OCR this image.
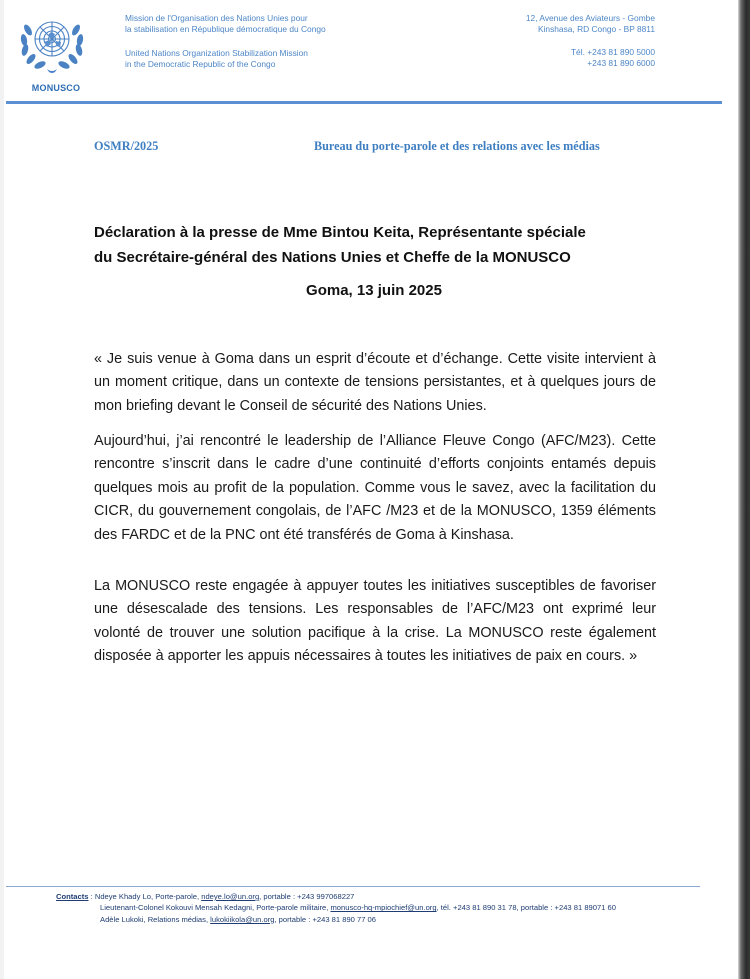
MONUSCO
Mission de l'Organisation des Nations Unies pour
la stabilisation en République démocratique du Congo
United Nations Organization Stabilization Mission
in the Democratic Republic of the Congo
12, Avenue des Aviateurs - Gombe
Kinshasa, RD Congo - BP 8811
Tél. +243 81 890 5000
+243 81 890 6000
OSMR/2025	Bureau du porte-parole et des relations avec les médias
Déclaration à la presse de Mme Bintou Keita, Représentante spéciale
du Secrétaire-général des Nations Unies et Cheffe de la MONUSCO
Goma, 13 juin 2025

« Je suis venue à Goma dans un esprit d’écoute et d’échange. Cette visite intervient à un moment critique, dans un contexte de tensions persistantes, et à quelques jours de mon briefing devant le Conseil de sécurité des Nations Unies.

Aujourd’hui, j’ai rencontré le leadership de l’Alliance Fleuve Congo (AFC/M23). Cette rencontre s’inscrit dans le cadre d’une continuité d’efforts conjoints entamés depuis quelques mois au profit de la population. Comme vous le savez, avec la facilitation du CICR, du gouvernement congolais, de l’AFC /M23 et de la MONUSCO, 1359 éléments des FARDC et de la PNC ont été transférés de Goma à Kinshasa.

La MONUSCO reste engagée à appuyer toutes les initiatives susceptibles de favoriser une désescalade des tensions. Les responsables de l’AFC/M23 ont exprimé leur volonté de trouver une solution pacifique à la crise. La MONUSCO reste également disposée à apporter les appuis nécessaires à toutes les initiatives de paix en cours. »

Contacts : Ndeye Khady Lo, Porte-parole, ndeye.lo@un.org, portable : +243 997068227
Lieutenant-Colonel Kokouvi Mensah Kedagni, Porte-parole militaire, monusco-hq-mpiochief@un.org, tél. +243 81 890 31 78, portable : +243 81 89071 60
Adèle Lukoki, Relations médias, lukokiikola@un.org, portable : +243 81 890 77 06
